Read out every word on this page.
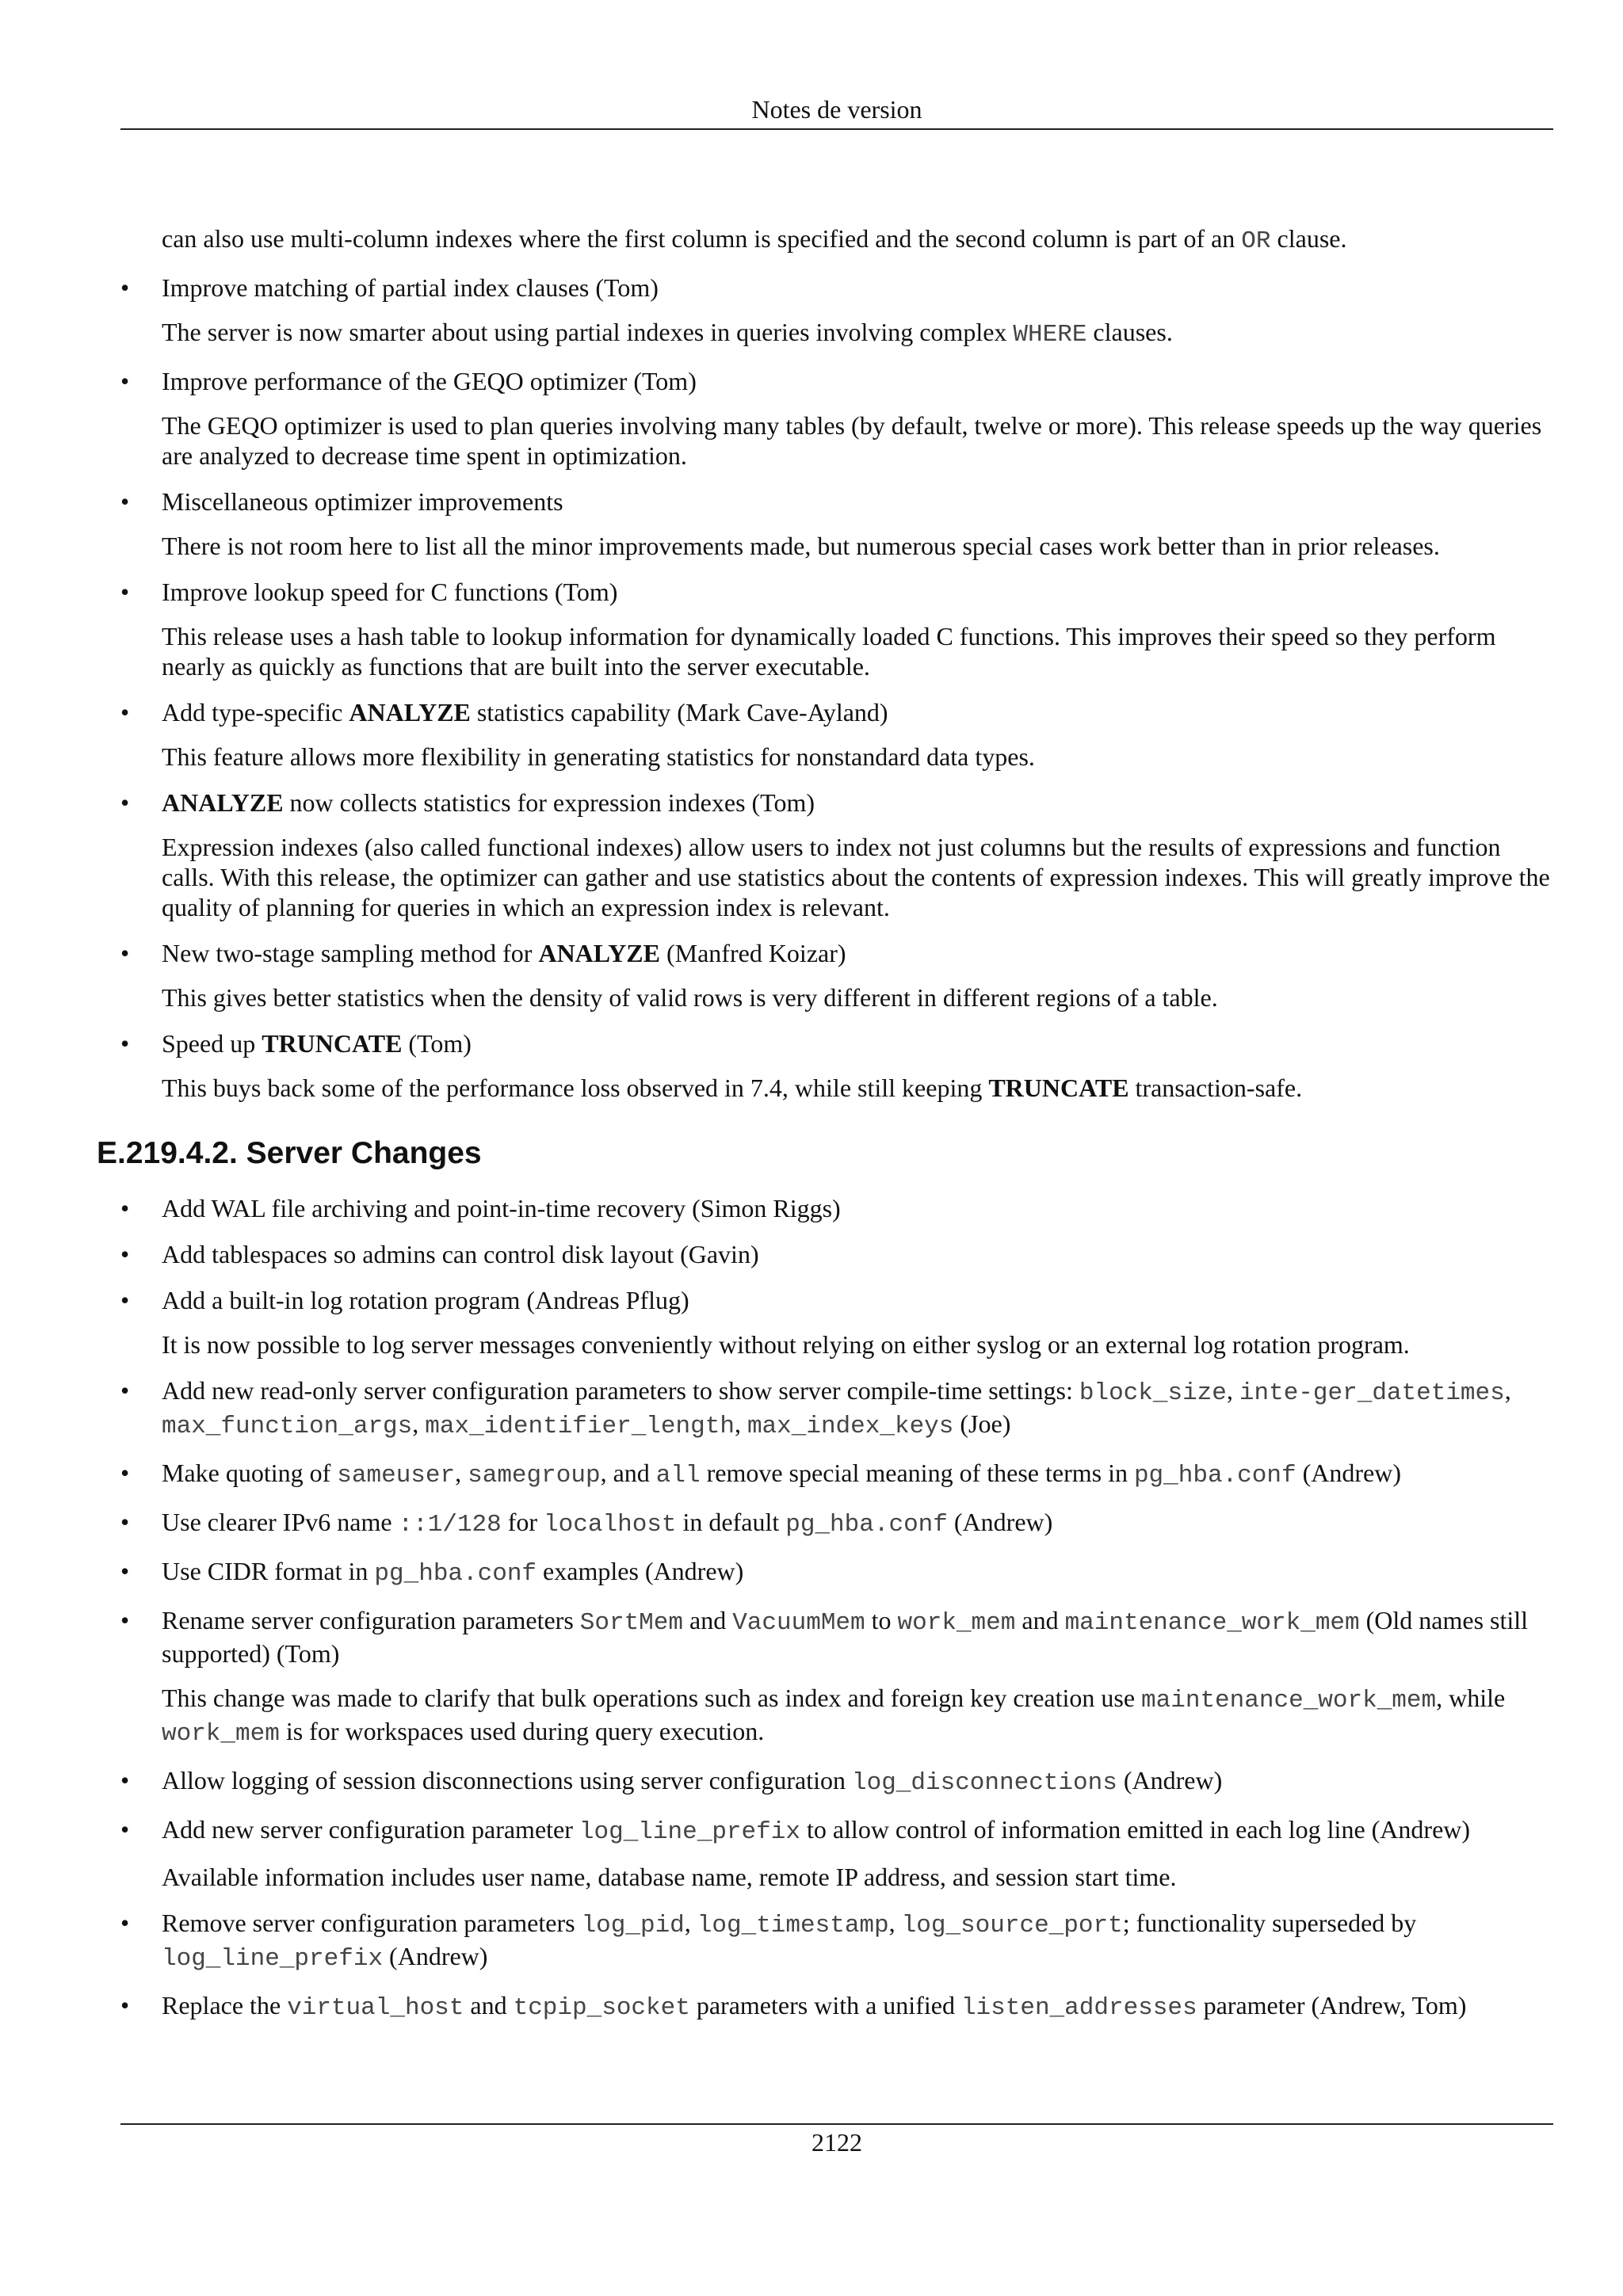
Notes de version

can also use multi-column indexes where the first column is specified and the second column is part of an OR clause.

•	Improve matching of partial index clauses (Tom)

The server is now smarter about using partial indexes in queries involving complex WHERE clauses.

•	Improve performance of the GEQO optimizer (Tom)

The GEQO optimizer is used to plan queries involving many tables (by default, twelve or more). This release speeds up the way queries are analyzed to decrease time spent in optimization.

•	Miscellaneous optimizer improvements

There is not room here to list all the minor improvements made, but numerous special cases work better than in prior releases.

•	Improve lookup speed for C functions (Tom)

This release uses a hash table to lookup information for dynamically loaded C functions. This improves their speed so they perform nearly as quickly as functions that are built into the server executable.

•	Add type-specific ANALYZE statistics capability (Mark Cave-Ayland)

This feature allows more flexibility in generating statistics for nonstandard data types.

•	ANALYZE now collects statistics for expression indexes (Tom)

Expression indexes (also called functional indexes) allow users to index not just columns but the results of expressions and function calls. With this release, the optimizer can gather and use statistics about the contents of expression indexes. This will greatly improve the quality of planning for queries in which an expression index is relevant.

•	New two-stage sampling method for ANALYZE (Manfred Koizar)

This gives better statistics when the density of valid rows is very different in different regions of a table.

•	Speed up TRUNCATE (Tom)

This buys back some of the performance loss observed in 7.4, while still keeping TRUNCATE transaction-safe.

E.219.4.2. Server Changes
•	Add WAL file archiving and point-in-time recovery (Simon Riggs)
•	Add tablespaces so admins can control disk layout (Gavin)
•	Add a built-in log rotation program (Andreas Pflug)

It is now possible to log server messages conveniently without relying on either syslog or an external log rotation program.

•	Add new read-only server configuration parameters to show server compile-time settings: block_size, inte-ger_datetimes, max_function_args, max_identifier_length, max_index_keys (Joe)
•	Make quoting of sameuser, samegroup, and all remove special meaning of these terms in pg_hba.conf (Andrew)
•	Use clearer IPv6 name ::1/128 for localhost in default pg_hba.conf (Andrew)
•	Use CIDR format in pg_hba.conf examples (Andrew)
•	Rename server configuration parameters SortMem and VacuumMem to work_mem and maintenance_work_mem (Old names still supported) (Tom)

This change was made to clarify that bulk operations such as index and foreign key creation use maintenance_work_mem, while work_mem is for workspaces used during query execution.

•	Allow logging of session disconnections using server configuration log_disconnections (Andrew)
•	Add new server configuration parameter log_line_prefix to allow control of information emitted in each log line (Andrew)

Available information includes user name, database name, remote IP address, and session start time.

•	Remove server configuration parameters log_pid, log_timestamp, log_source_port; functionality superseded by log_line_prefix (Andrew)
•	Replace the virtual_host and tcpip_socket parameters with a unified listen_addresses parameter (Andrew, Tom)
2122
